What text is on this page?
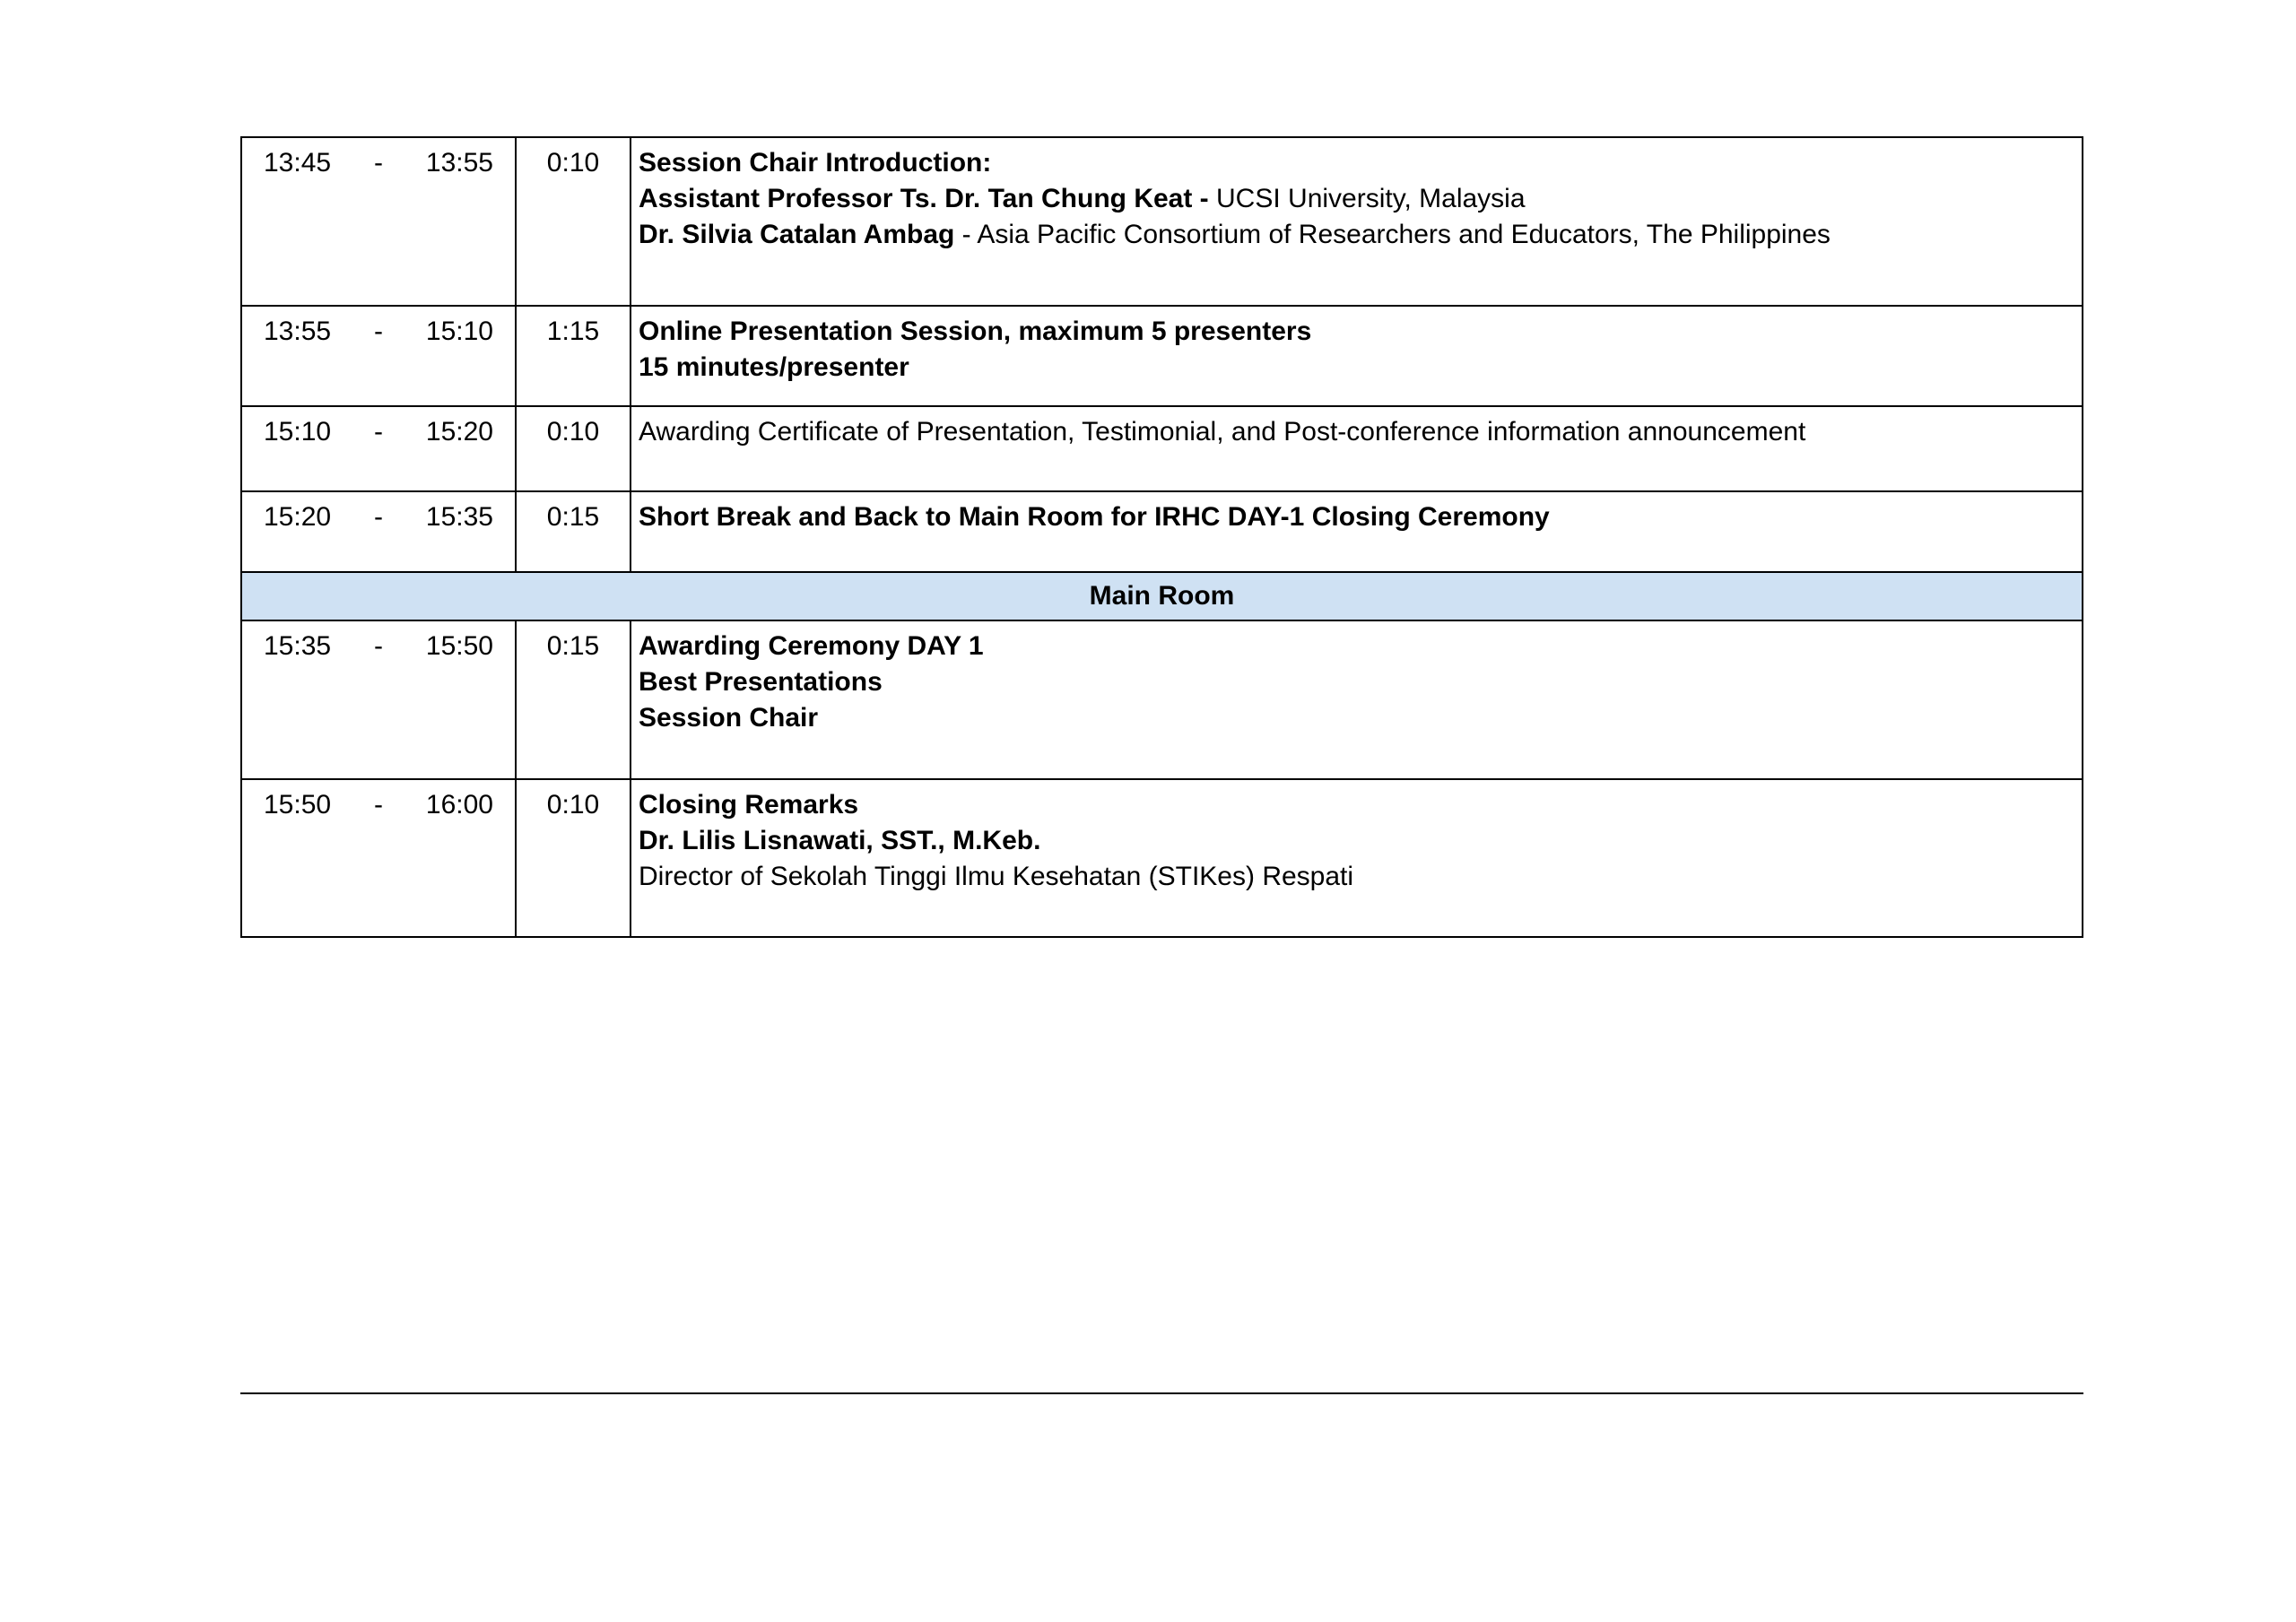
13:45 - 13:55	0:10	Session Chair Introduction:
Assistant Professor Ts. Dr. Tan Chung Keat - UCSI University, Malaysia
Dr. Silvia Catalan Ambag - Asia Pacific Consortium of Researchers and Educators, The Philippines

13:55 - 15:10	1:15	Online Presentation Session, maximum 5 presenters
15 minutes/presenter

15:10 - 15:20	0:10	Awarding Certificate of Presentation, Testimonial, and Post-conference information announcement

15:20 - 15:35	0:15	Short Break and Back to Main Room for IRHC DAY-1 Closing Ceremony

Main Room		

15:35 - 15:50	0:15	Awarding Ceremony DAY 1
Best Presentations
Session Chair

15:50 - 16:00	0:10	Closing Remarks
Dr. Lilis Lisnawati, SST., M.Keb.
Director of Sekolah Tinggi Ilmu Kesehatan (STIKes) Respati
